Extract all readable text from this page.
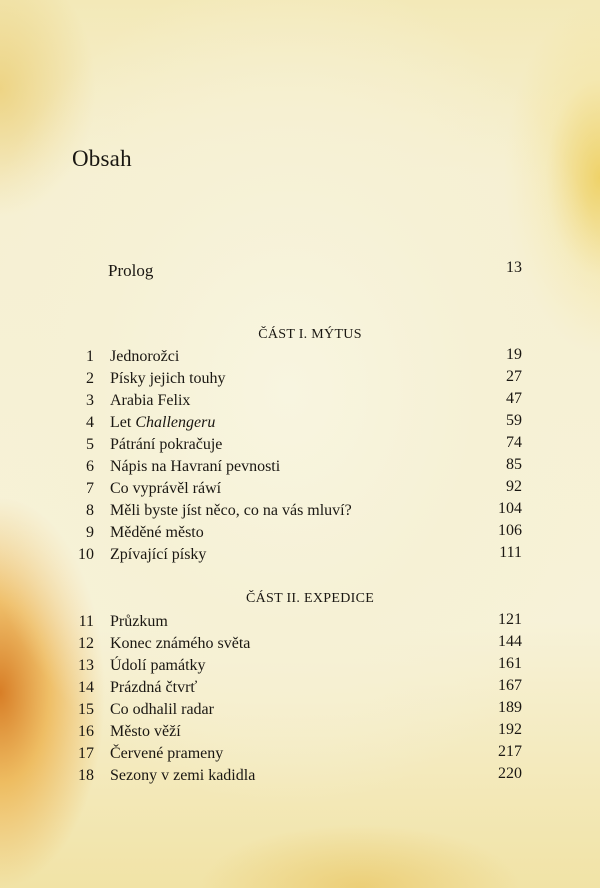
Obsah
Prolog	13
ČÁST I. MÝTUS
1 Jednorožci	19
2 Písky jejich touhy	27
3 Arabia Felix	47
4 Let Challengeru	59
5 Pátrání pokračuje	74
6 Nápis na Havraní pevnosti	85
7 Co vyprávěl ráwí	92
8 Měli byste jíst něco, co na vás mluví?	104
9 Měděné město	106
10 Zpívající písky	111
ČÁST II. EXPEDICE
11 Průzkum	121
12 Konec známého světa	144
13 Údolí památky	161
14 Prázdná čtvrť	167
15 Co odhalil radar	189
16 Město věží	192
17 Červené prameny	217
18 Sezony v zemi kadidla	220
